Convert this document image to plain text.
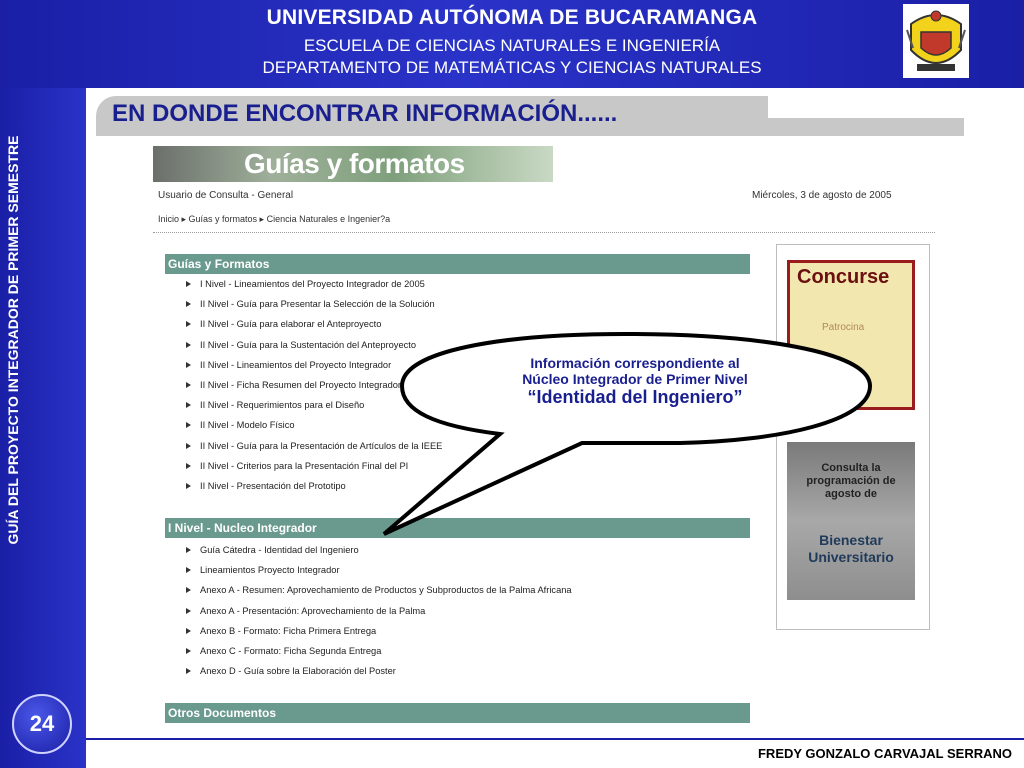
UNIVERSIDAD AUTÓNOMA DE BUCARAMANGA
ESCUELA DE CIENCIAS NATURALES E INGENIERÍA
DEPARTAMENTO DE MATEMÁTICAS Y CIENCIAS NATURALES
GUÍA DEL PROYECTO INTEGRADOR DE PRIMER SEMESTRE
24
EN DONDE ENCONTRAR INFORMACIÓN......
Guías y formatos
Usuario de Consulta - General	Miércoles, 3 de agosto de 2005
Inicio ▸ Guías y formatos ▸ Ciencia Naturales e Ingenier?a
Guías y Formatos
I Nivel - Lineamientos del Proyecto Integrador de 2005
II Nivel - Guía para Presentar la Selección de la Solución
II Nivel - Guía para elaborar el Anteproyecto
II Nivel - Guía para la Sustentación del Anteproyecto
II Nivel - Lineamientos del Proyecto Integrador
II Nivel - Ficha Resumen del Proyecto Integrador
II Nivel - Requerimientos para el Diseño
II Nivel - Modelo Físico
II Nivel - Guía para la Presentación de Artículos de la IEEE
II Nivel - Criterios para la Presentación Final del PI
II Nivel - Presentación del Prototipo
I Nivel - Nucleo Integrador
Guía Cátedra - Identidad del Ingeniero
Lineamientos Proyecto Integrador
Anexo A - Resumen: Aprovechamiento de Productos y Subproductos de la Palma Africana
Anexo A - Presentación: Aprovechamiento de la Palma
Anexo B - Formato: Ficha Primera Entrega
Anexo C - Formato: Ficha Segunda Entrega
Anexo D - Guía sobre la Elaboración del Poster
Otros Documentos
Concurse
Patrocina
Consulta la programación de agosto de
Bienestar Universitario
Información correspondiente al
Núcleo Integrador de Primer Nivel
“Identidad del Ingeniero”
FREDY GONZALO CARVAJAL SERRANO
